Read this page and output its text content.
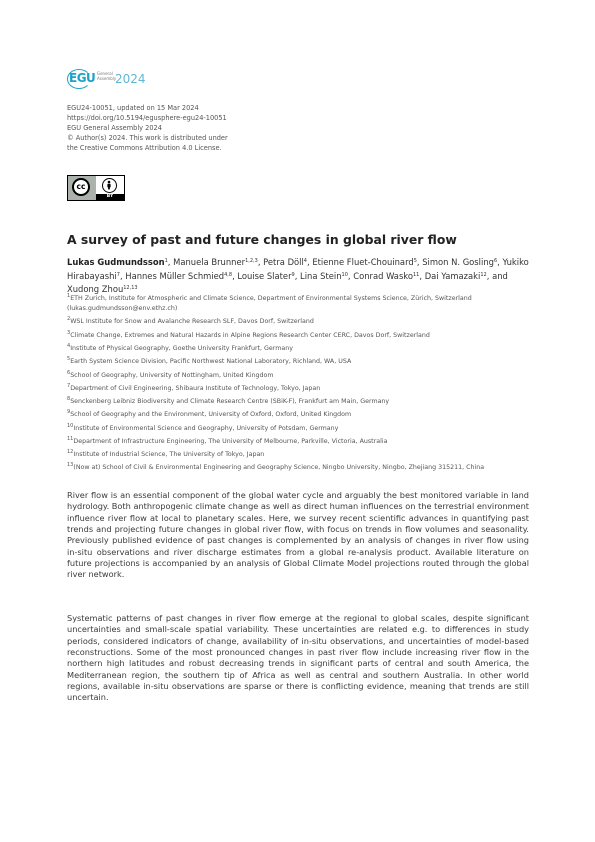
EGU General
Assembly
2024
EGU24-10051, updated on 15 Mar 2024
https://doi.org/10.5194/egusphere-egu24-10051
EGU General Assembly 2024
© Author(s) 2024. This work is distributed under
the Creative Commons Attribution 4.0 License.
cc
BY
A survey of past and future changes in global river flow
Lukas Gudmundsson$^1$, Manuela Brunner$^{1,2,3}$, Petra Döll$^4$, Etienne Fluet-Chouinard$^5$, Simon N. Gosling$^6$, Yukiko Hirabayashi$^7$, Hannes Müller Schmied$^{4,8}$, Louise Slater$^9$, Lina Stein$^{10}$, Conrad Wasko$^{11}$, Dai Yamazaki$^{12}$, and Xudong Zhou$^{12,13}$
$^1$ETH Zurich, Institute for Atmospheric and Climate Science, Department of Environmental Systems Science, Zürich, Switzerland (lukas.gudmundsson@env.ethz.ch)
$^2$WSL Institute for Snow and Avalanche Research SLF, Davos Dorf, Switzerland
$^3$Climate Change, Extremes and Natural Hazards in Alpine Regions Research Center CERC, Davos Dorf, Switzerland
$^4$Institute of Physical Geography, Goethe University Frankfurt, Germany
$^5$Earth System Science Division, Pacific Northwest National Laboratory, Richland, WA, USA
$^6$School of Geography, University of Nottingham, United Kingdom
$^7$Department of Civil Engineering, Shibaura Institute of Technology, Tokyo, Japan
$^8$Senckenberg Leibniz Biodiversity and Climate Research Centre (SBiK-F), Frankfurt am Main, Germany
$^9$School of Geography and the Environment, University of Oxford, Oxford, United Kingdom
$^{10}$Institute of Environmental Science and Geography, University of Potsdam, Germany
$^{11}$Department of Infrastructure Engineering, The University of Melbourne, Parkville, Victoria, Australia
$^{12}$Institute of Industrial Science, The University of Tokyo, Japan
$^{13}$(Now at) School of Civil & Environmental Engineering and Geography Science, Ningbo University, Ningbo, Zhejiang 315211, China
River flow is an essential component of the global water cycle and arguably the best monitored variable in land hydrology. Both anthropogenic climate change as well as direct human influences on the terrestrial environment influence river flow at local to planetary scales. Here, we survey recent scientific advances in quantifying past trends and projecting future changes in global river flow, with focus on trends in flow volumes and seasonality. Previously published evidence of past changes is complemented by an analysis of changes in river flow using in-situ observations and river discharge estimates from a global re-analysis product. Available literature on future projections is accompanied by an analysis of Global Climate Model projections routed through the global river network.
Systematic patterns of past changes in river flow emerge at the regional to global scales, despite significant uncertainties and small-scale spatial variability. These uncertainties are related e.g. to differences in study periods, considered indicators of change, availability of in-situ observations, and uncertainties of model-based reconstructions. Some of the most pronounced changes in past river flow include increasing river flow in the northern high latitudes and robust decreasing trends in significant parts of central and south America, the Mediterranean region, the southern tip of Africa as well as central and southern Australia. In other world regions, available in-situ observations are sparse or there is conflicting evidence, meaning that trends are still uncertain.
